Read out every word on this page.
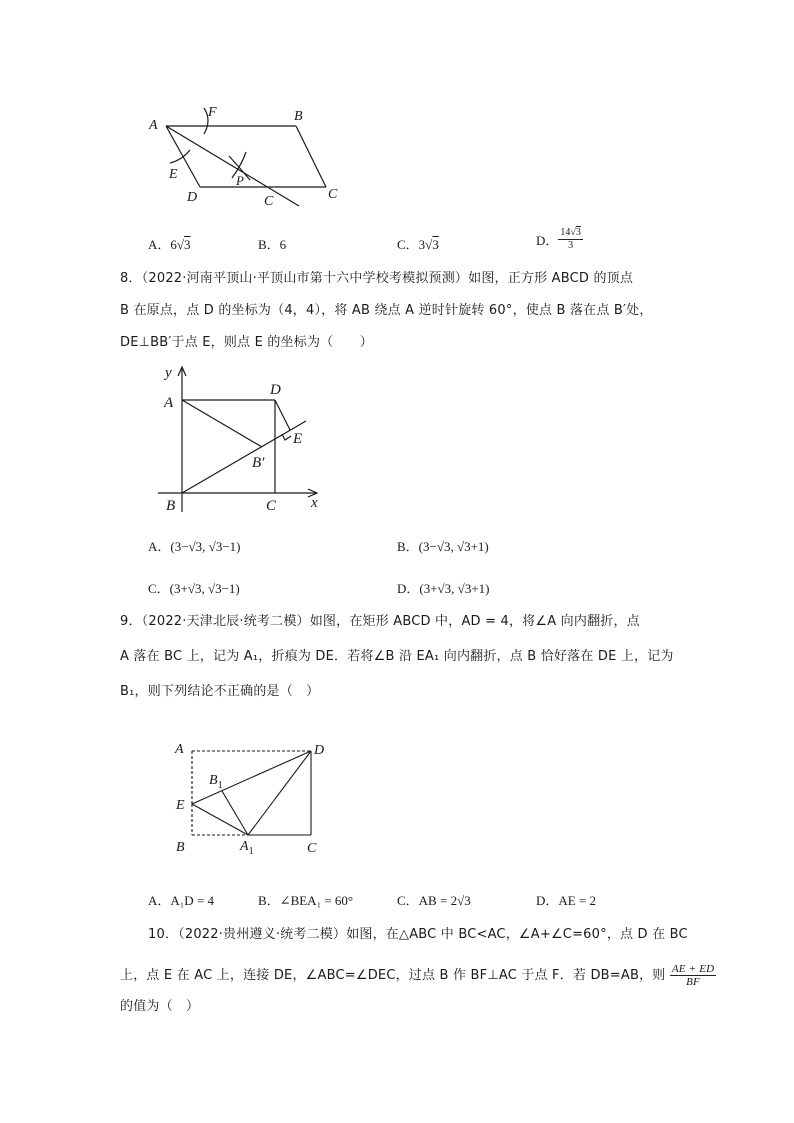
A
F	B
E	P
D	C	C
A．6√3	B．6	C．3√3	D． $\frac{14√3}{3}$
8．（2022·河南平顶山·平顶山市第十六中学校考模拟预测）如图，正方形 ABCD 的顶点
B 在原点，点 D 的坐标为（4，4），将 AB 绕点 A 逆时针旋转 60°，使点 B 落在点 B′处，
DE⊥BB′于点 E，则点 E 的坐标为（　　）
y
x
A
D
E
B′
B	C
A．(3−√3, √3−1)	B．(3−√3, √3+1)
C．(3+√3, √3−1)	D．(3+√3, √3+1)
9．（2022·天津北辰·统考二模）如图，在矩形 ABCD 中，AD = 4，将∠A 向内翻折，点
A 落在 BC 上，记为 A₁，折痕为 DE．若将∠B 沿 EA₁ 向内翻折，点 B 恰好落在 DE 上，记为
B₁，则下列结论不正确的是（　）
A	D
$B_1$
E
B	$A_1$	C
A．A₁D = 4	B．∠BEA₁ = 60°	C．AB = 2√3	D．AE = 2
10．（2022·贵州遵义·统考二模）如图，在△ABC 中 BC<AC，∠A+∠C=60°，点 D 在 BC
上，点 E 在 AC 上，连接 DE，∠ABC=∠DEC，过点 B 作 BF⊥AC 于点 F．若 DB=AB，则 $\frac{AE + ED}{BF}$
的值为（　）
